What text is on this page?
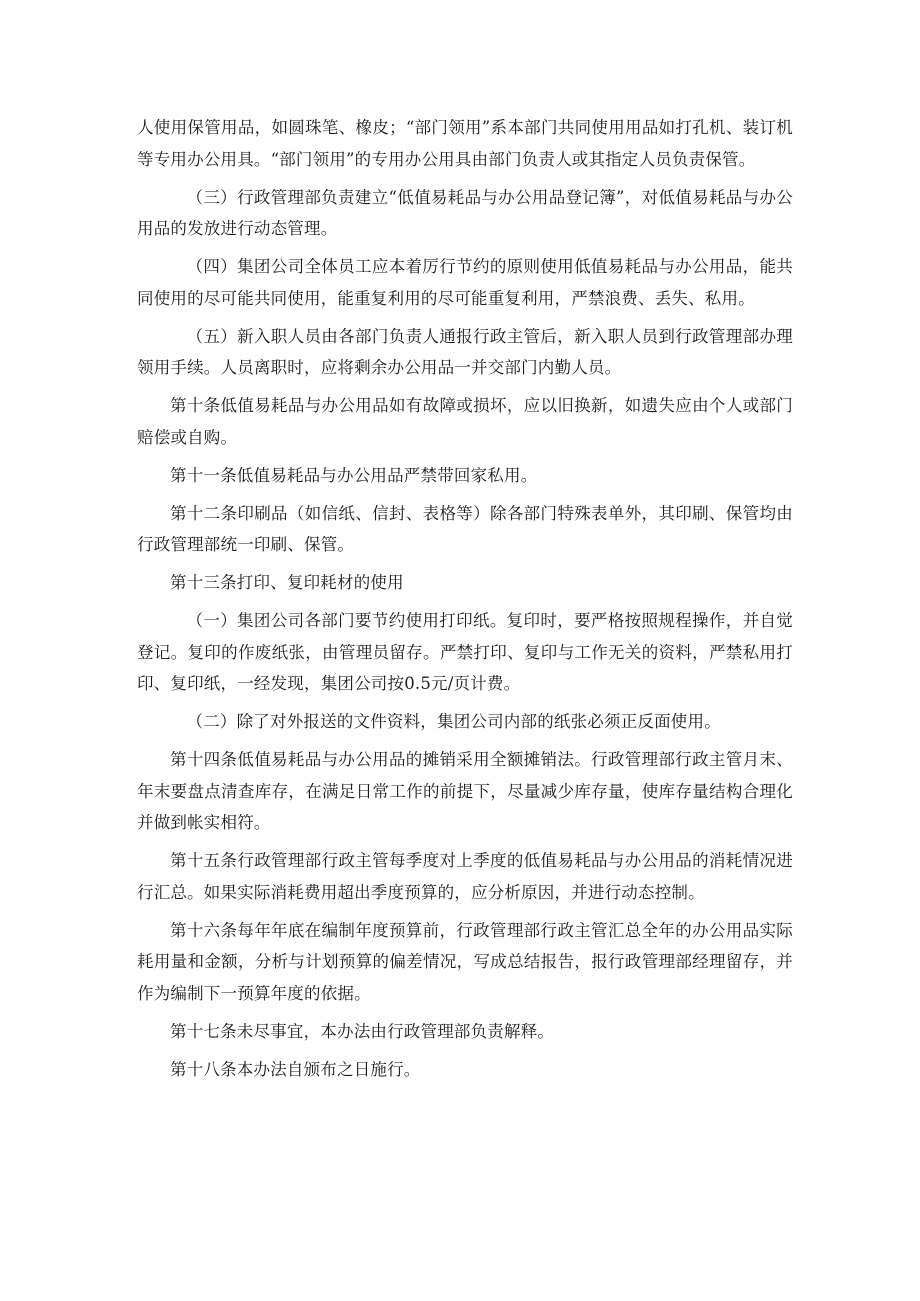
人使用保管用品，如圆珠笔、橡皮；“部门领用”系本部门共同使用用品如打孔机、装订机等专用办公用具。“部门领用”的专用办公用具由部门负责人或其指定人员负责保管。

（三）行政管理部负责建立“低值易耗品与办公用品登记簿”，对低值易耗品与办公用品的发放进行动态管理。

（四）集团公司全体员工应本着厉行节约的原则使用低值易耗品与办公用品，能共同使用的尽可能共同使用，能重复利用的尽可能重复利用，严禁浪费、丢失、私用。

（五）新入职人员由各部门负责人通报行政主管后，新入职人员到行政管理部办理领用手续。人员离职时，应将剩余办公用品一并交部门内勤人员。

第十条低值易耗品与办公用品如有故障或损坏，应以旧换新，如遗失应由个人或部门赔偿或自购。

第十一条低值易耗品与办公用品严禁带回家私用。

第十二条印刷品（如信纸、信封、表格等）除各部门特殊表单外，其印刷、保管均由行政管理部统一印刷、保管。

第十三条打印、复印耗材的使用

（一）集团公司各部门要节约使用打印纸。复印时，要严格按照规程操作，并自觉登记。复印的作废纸张，由管理员留存。严禁打印、复印与工作无关的资料，严禁私用打印、复印纸，一经发现，集团公司按0.5元/页计费。

（二）除了对外报送的文件资料，集团公司内部的纸张必须正反面使用。

第十四条低值易耗品与办公用品的摊销采用全额摊销法。行政管理部行政主管月末、年末要盘点清查库存，在满足日常工作的前提下，尽量减少库存量，使库存量结构合理化并做到帐实相符。

第十五条行政管理部行政主管每季度对上季度的低值易耗品与办公用品的消耗情况进行汇总。如果实际消耗费用超出季度预算的，应分析原因，并进行动态控制。

第十六条每年年底在编制年度预算前，行政管理部行政主管汇总全年的办公用品实际耗用量和金额，分析与计划预算的偏差情况，写成总结报告，报行政管理部经理留存，并作为编制下一预算年度的依据。

第十七条未尽事宜，本办法由行政管理部负责解释。

第十八条本办法自颁布之日施行。
